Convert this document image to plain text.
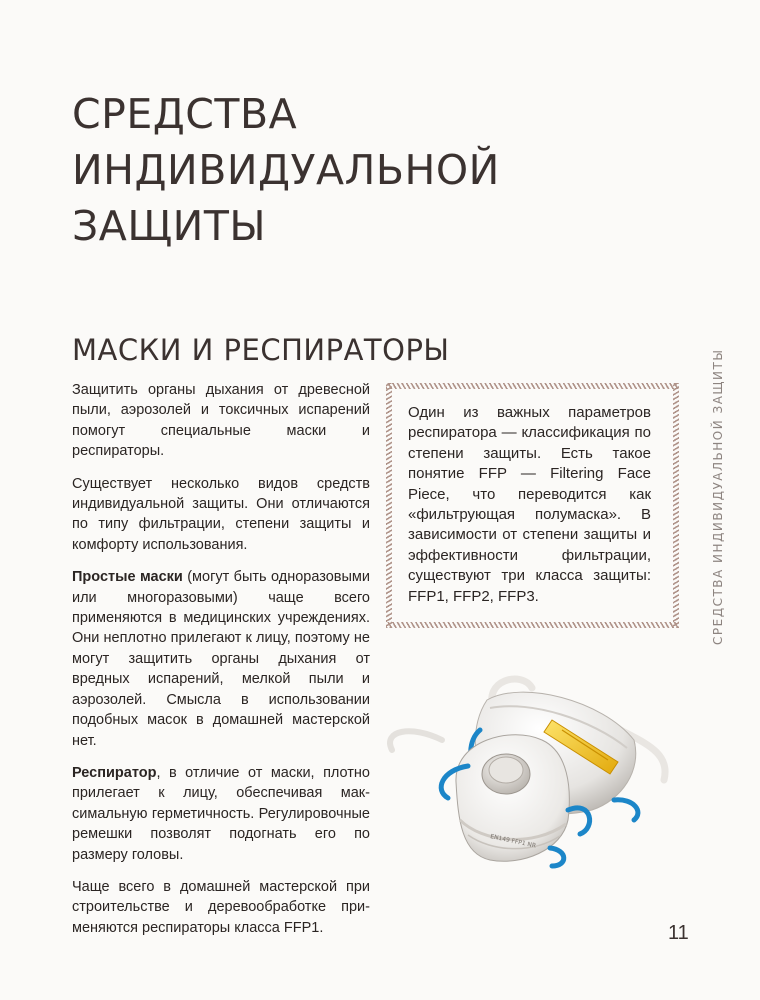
СРЕДСТВА
ИНДИВИДУАЛЬНОЙ
ЗАЩИТЫ
МАСКИ И РЕСПИРАТОРЫ	СРЕДСТВА ИНДИВИДУАЛЬНОЙ ЗАЩИТЫ

Защитить органы дыхания от древесной пыли, аэрозолей и токсичных испарений помогут специальные маски и респираторы.

Существует несколько видов средств индивидуальной защиты. Они отличаются по типу фильтрации, степени защиты и комфорту использования.

Простые маски (могут быть одноразовыми или многоразовыми) чаще всего применяются в медицинских учреждениях. Они неплотно прилегают к лицу, поэтому не могут защитить органы дыхания от вредных испарений, мелкой пыли и аэрозолей. Смысла в использовании подобных масок в домашней мастерской нет.

Респиратор, в отличие от маски, плотно прилегает к лицу, обеспечивая максимальную герметичность. Регулировочные ремешки позволят подогнать его по размеру головы.

Чаще всего в домашней мастерской при строительстве и деревообработке применяются респираторы класса FFP1.

Один из важных параметров респиратора — классификация по степени защиты. Есть такое понятие FFP — Filtering Face Piece, что переводится как «фильтрующая полумаска». В зависимости от степени защиты и эффективности фильтрации, существуют три класса защиты: FFP1, FFP2, FFP3.

EN149 FFP1 NR
11
